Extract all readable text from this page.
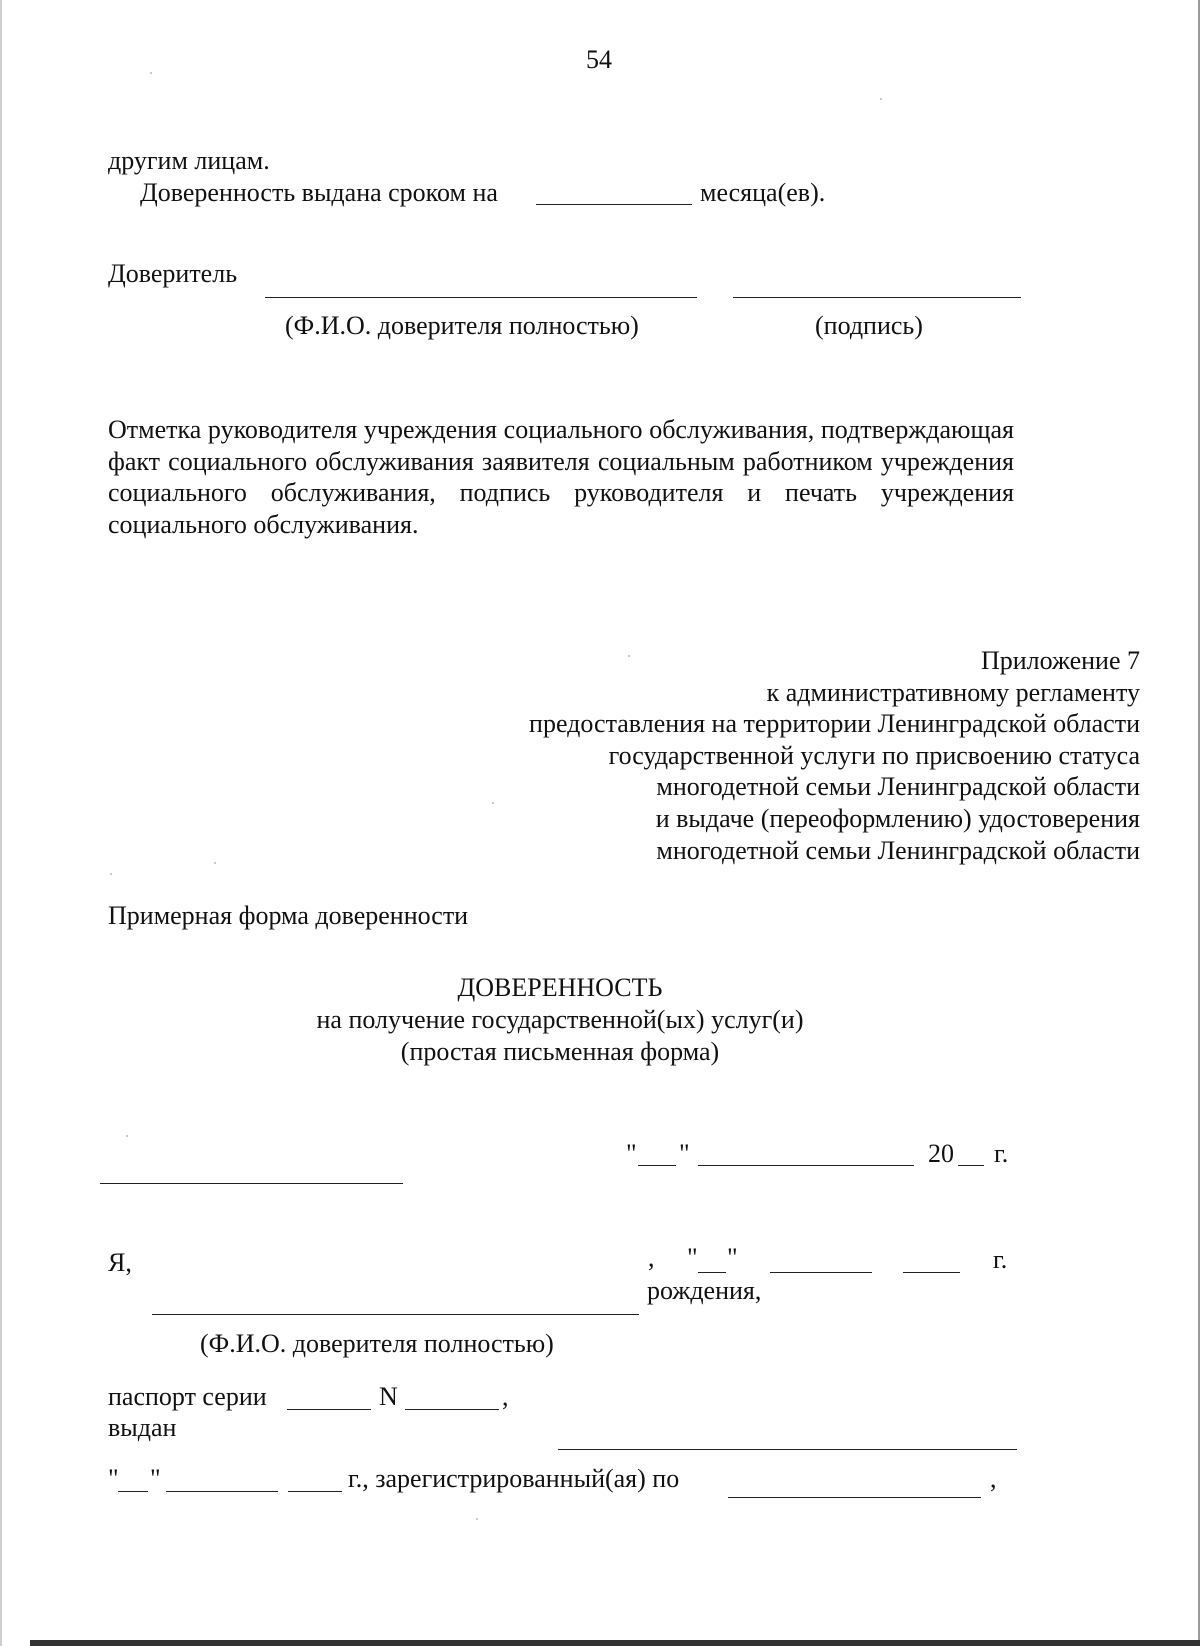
54
другим лицам.
Доверенность выдана сроком на	месяца(ев).
Доверитель
(Ф.И.О. доверителя полностью)	(подпись)
Отметка руководителя учреждения социального обслуживания, подтверждающая факт социального обслуживания заявителя социальным работником учреждения социального обслуживания, подпись руководителя и печать учреждения социального обслуживания.
Приложение 7
к административному регламенту
предоставления на территории Ленинградской области
государственной услуги по присвоению статуса
многодетной семьи Ленинградской области
и выдаче (переоформлению) удостоверения
многодетной семьи Ленинградской области
Примерная форма доверенности
ДОВЕРЕННОСТЬ
на получение государственной(ых) услуг(и)
(простая письменная форма)
" "	20 г.
Я,	, " "	г.
рождения,
(Ф.И.О. доверителя полностью)
паспорт серии	N	,
выдан
" "	г., зарегистрированный(ая) по	,
